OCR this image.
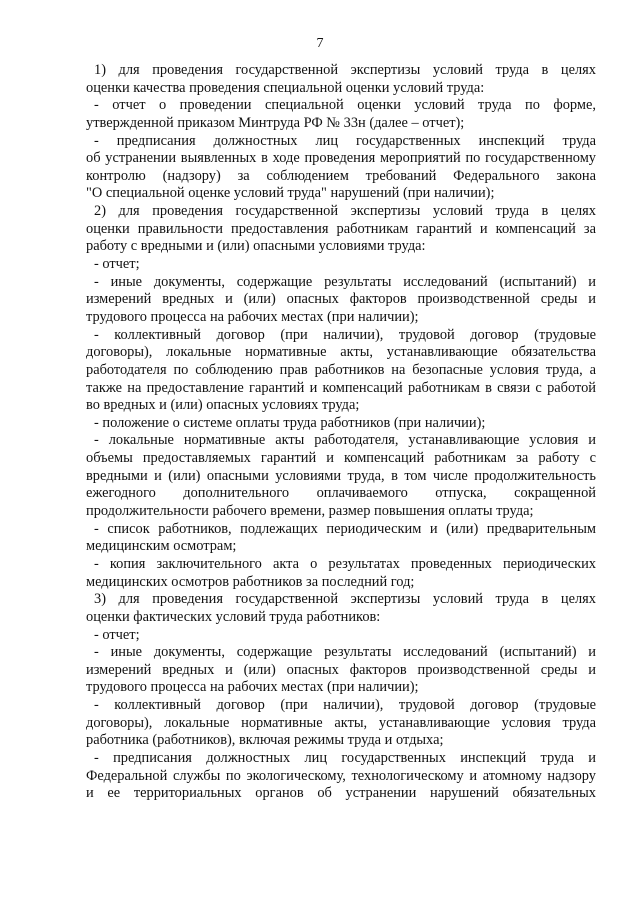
7
1) для проведения государственной экспертизы условий труда в целях
оценки качества проведения специальной оценки условий труда:
- отчет о проведении специальной оценки условий труда по форме,
утвержденной приказом Минтруда РФ № 33н (далее – отчет);
- предписания должностных лиц государственных инспекций труда
об устранении выявленных в ходе проведения мероприятий по государственному
контролю (надзору) за соблюдением требований Федерального закона
"О специальной оценке условий труда" нарушений (при наличии);
2) для проведения государственной экспертизы условий труда в целях
оценки правильности предоставления работникам гарантий и компенсаций за
работу с вредными и (или) опасными условиями труда:
- отчет;
- иные документы, содержащие результаты исследований (испытаний) и
измерений вредных и (или) опасных факторов производственной среды и
трудового процесса на рабочих местах (при наличии);
- коллективный договор (при наличии), трудовой договор (трудовые
договоры), локальные нормативные акты, устанавливающие обязательства
работодателя по соблюдению прав работников на безопасные условия труда, а
также на предоставление гарантий и компенсаций работникам в связи с работой
во вредных и (или) опасных условиях труда;
- положение о системе оплаты труда работников (при наличии);
- локальные нормативные акты работодателя, устанавливающие условия и
объемы предоставляемых гарантий и компенсаций работникам за работу с
вредными и (или) опасными условиями труда, в том числе продолжительность
ежегодного дополнительного оплачиваемого отпуска, сокращенной
продолжительности рабочего времени, размер повышения оплаты труда;
- список работников, подлежащих периодическим и (или) предварительным
медицинским осмотрам;
- копия заключительного акта о результатах проведенных периодических
медицинских осмотров работников за последний год;
3) для проведения государственной экспертизы условий труда в целях
оценки фактических условий труда работников:
- отчет;
- иные документы, содержащие результаты исследований (испытаний) и
измерений вредных и (или) опасных факторов производственной среды и
трудового процесса на рабочих местах (при наличии);
- коллективный договор (при наличии), трудовой договор (трудовые
договоры), локальные нормативные акты, устанавливающие условия труда
работника (работников), включая режимы труда и отдыха;
- предписания должностных лиц государственных инспекций труда и
Федеральной службы по экологическому, технологическому и атомному надзору
и ее территориальных органов об устранении нарушений обязательных
